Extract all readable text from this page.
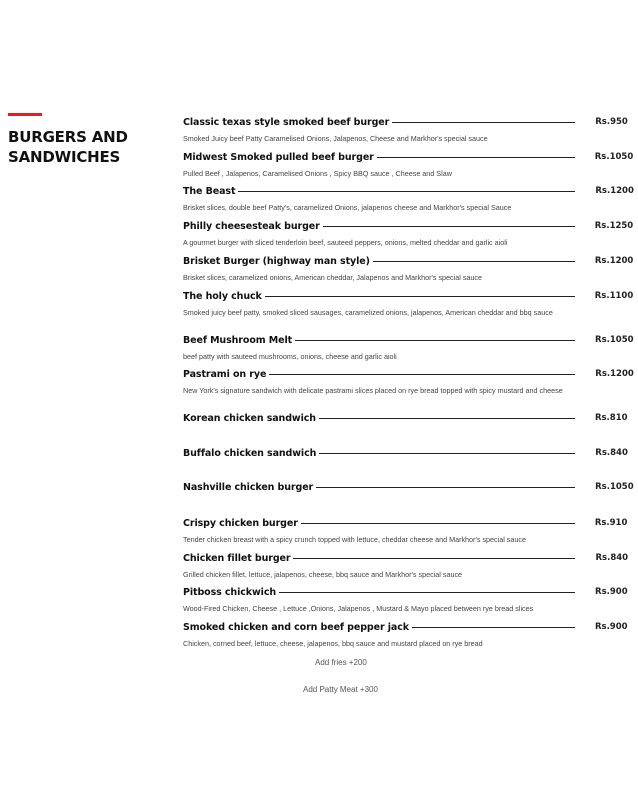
BURGERS AND
SANDWICHES
Classic texas style smoked beef burger	Rs.950
Smoked Juicy beef Patty Caramelised Onions, Jalapenos, Cheese and Markhor's special sauce
Midwest Smoked pulled beef burger	Rs.1050
Pulled Beef , Jalapenos, Caramelised Onions , Spicy BBQ sauce , Cheese and Slaw
The Beast	Rs.1200
Brisket slices, double beef Patty's, caramelized Onions, jalapenos cheese and Markhor's special Sauce
Philly cheesesteak burger	Rs.1250
A gourmet burger with sliced tenderloin beef, sauteed peppers, onions, melted cheddar and garlic aioli
Brisket Burger (highway man style)	Rs.1200
Brisket slices, caramelized onions, American cheddar, Jalapenos and Markhor's special sauce
The holy chuck	Rs.1100
Smoked juicy beef patty, smoked sliced sausages, caramelized onions, jalapenos, American cheddar and bbq sauce
Beef Mushroom Melt	Rs.1050
beef patty with sauteed mushrooms, onions, cheese and garlic aioli
Pastrami on rye	Rs.1200
New York's signature sandwich with delicate pastrami slices placed on rye bread topped with spicy mustard and cheese
Korean chicken sandwich	Rs.810
Buffalo chicken sandwich	Rs.840
Nashville chicken burger	Rs.1050
Crispy chicken burger	Rs.910
Tender chicken breast with a spicy crunch topped with lettuce, cheddar cheese and Markhor's special sauce
Chicken fillet burger	Rs.840
Grilled chicken fillet, lettuce, jalapenos, cheese, bbq sauce and Markhor's special sauce
Pitboss chickwich	Rs.900
Wood-Fired Chicken, Cheese , Lettuce ,Onions, Jalapenos , Mustard & Mayo placed between rye bread slices
Smoked chicken and corn beef pepper jack	Rs.900
Chicken, corned beef, lettuce, cheese, jalapenos, bbq sauce and mustard placed on rye bread
Add fries +200
Add Patty Meat +300
